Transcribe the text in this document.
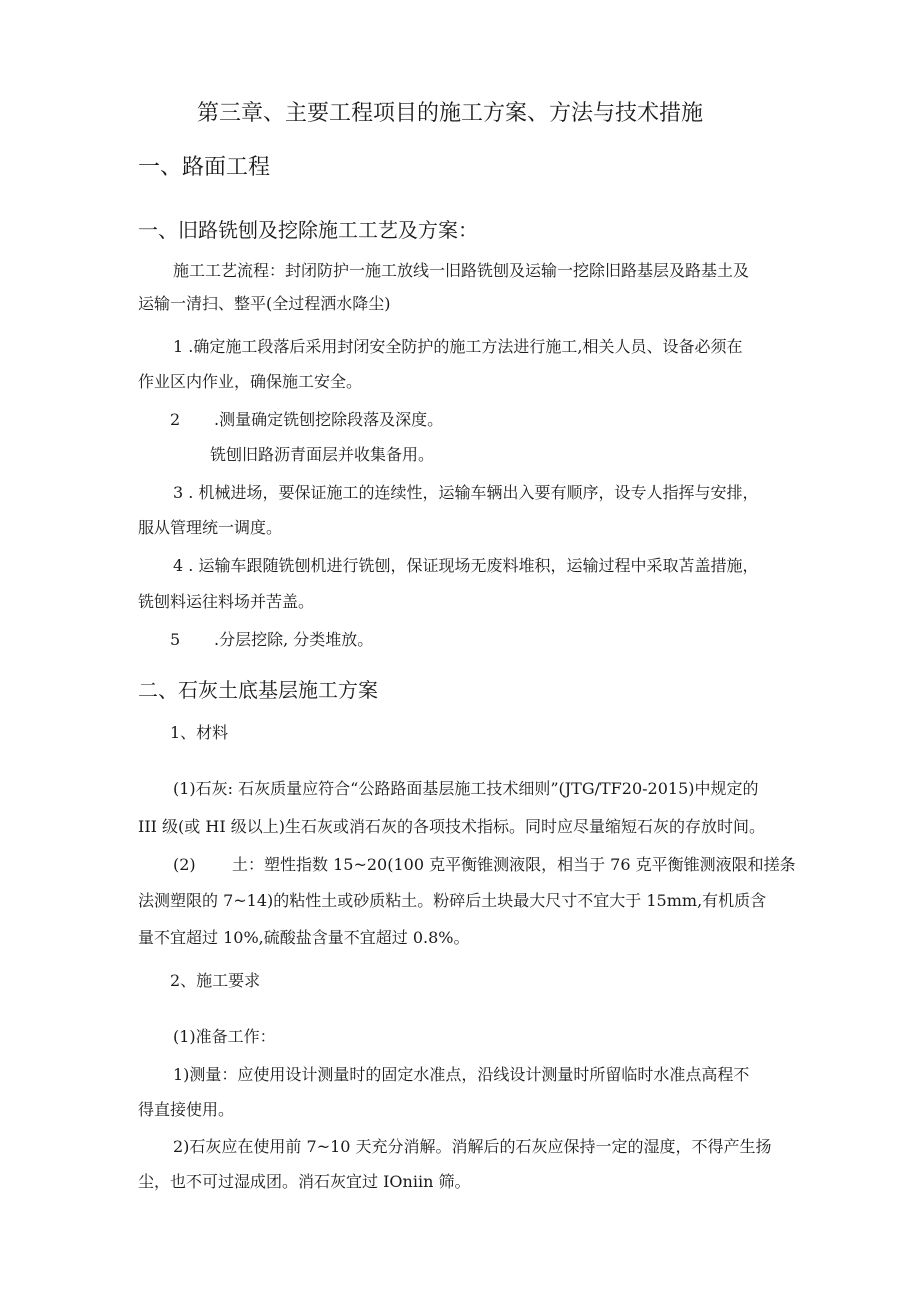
第三章、主要工程项目的施工方案、方法与技术措施
一、路面工程
一、旧路铣刨及挖除施工工艺及方案：
施工工艺流程：封闭防护一施工放线一旧路铣刨及运输一挖除旧路基层及路基土及
运输一清扫、整平(全过程洒水降尘)
1 .确定施工段落后采用封闭安全防护的施工方法进行施工,相关人员、设备必须在
作业区内作业，确保施工安全。
2 .测量确定铣刨挖除段落及深度。
铣刨旧路沥青面层并收集备用。
3 . 机械进场，要保证施工的连续性，运输车辆出入要有顺序，设专人指挥与安排，
服从管理统一调度。
4 . 运输车跟随铣刨机进行铣刨，保证现场无废料堆积，运输过程中采取苫盖措施，
铣刨料运往料场并苦盖。
5 .分层挖除, 分类堆放。
二、石灰土底基层施工方案
1、材料
(1)石灰: 石灰质量应符合“公路路面基层施工技术细则”(JTG/TF20-2015)中规定的
III 级(或 HI 级以上)生石灰或消石灰的各项技术指标。同时应尽量缩短石灰的存放时间。
(2) 土：塑性指数 15~20(100 克平衡锥测液限，相当于 76 克平衡锥测液限和搓条
法测塑限的 7~14)的粘性土或砂质粘土。粉碎后土块最大尺寸不宜大于 15mm,有机质含
量不宜超过 10%,硫酸盐含量不宜超过 0.8%。
2、施工要求
(1)准备工作：
1)测量：应使用设计测量时的固定水准点，沿线设计测量时所留临时水准点高程不
得直接使用。
2)石灰应在使用前 7~10 天充分消解。消解后的石灰应保持一定的湿度，不得产生扬
尘，也不可过湿成团。消石灰宜过 IOniin 筛。
